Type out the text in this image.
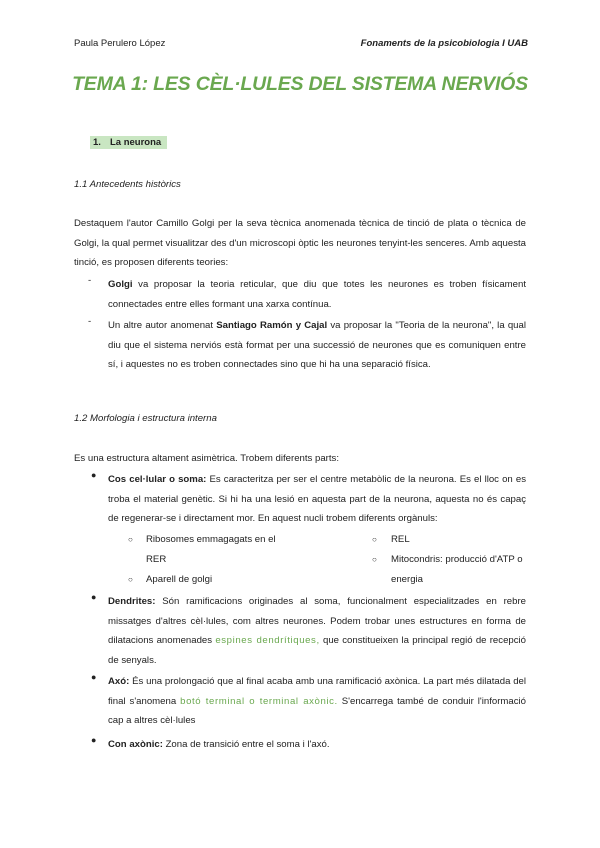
Paula Perulero López	Fonaments de la psicobiologia I UAB
TEMA 1: LES CÈL·LULES DEL SISTEMA NERVIÓS
1. La neurona
1.1 Antecedents històrics

Destaquem l'autor Camillo Golgi per la seva tècnica anomenada tècnica de tinció de plata o tècnica de Golgi, la qual permet visualitzar des d'un microscopi òptic les neurones tenyint-les senceres. Amb aquesta tinció, es proposen diferents teories:

- Golgi va proposar la teoria reticular, que diu que totes les neurones es troben físicament connectades entre elles formant una xarxa contínua.
- Un altre autor anomenat Santiago Ramón y Cajal va proposar la "Teoria de la neurona", la qual diu que el sistema nerviós està format per una successió de neurones que es comuniquen entre sí, i aquestes no es troben connectades sino que hi ha una separació física.
1.2 Morfologia i estructura interna

Es una estructura altament asimètrica. Trobem diferents parts:

● Cos cel·lular o soma: Es caracteritza per ser el centre metabòlic de la neurona. Es el lloc on es troba el material genètic. Si hi ha una lesió en aquesta part de la neurona, aquesta no és capaç de regenerar-se i directament mor. En aquest nucli trobem diferents orgànuls:
○ Ribosomes emmagagats en el RER
○ Aparell de golgi
○ REL
○ Mitocondris: producció d'ATP o energia
● Dendrites: Són ramificacions originades al soma, funcionalment especialitzades en rebre missatges d'altres cèl·lules, com altres neurones. Podem trobar unes estructures en forma de dilatacions anomenades espines dendrítiques, que constitueixen la principal regió de recepció de senyals.
● Axó: És una prolongació que al final acaba amb una ramificació axònica. La part més dilatada del final s'anomena botó terminal o terminal axònic. S'encarrega també de conduir l'informació cap a altres cèl·lules
● Con axònic: Zona de transició entre el soma i l'axó.
